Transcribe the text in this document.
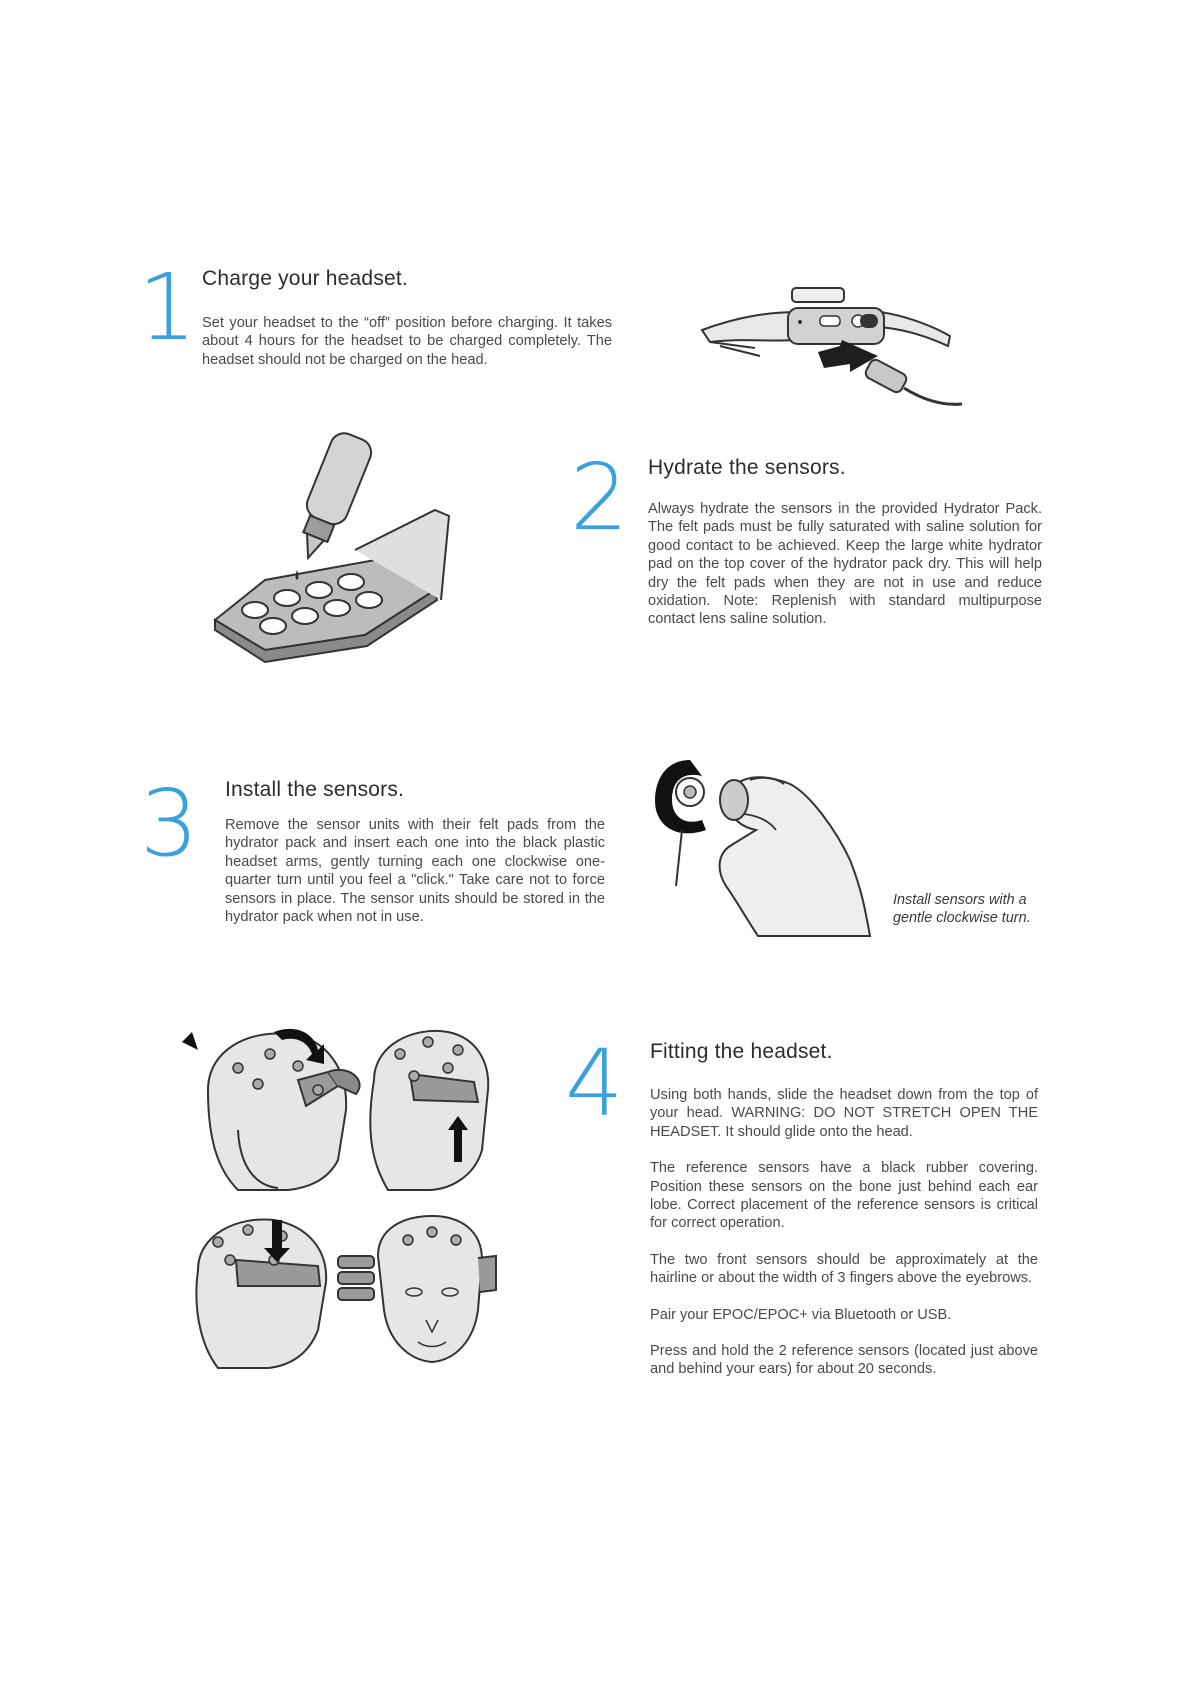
1 Charge your headset.
Set your headset to the “off” position before charging. It takes about 4 hours for the headset to be charged completely. The headset should not be charged on the head.
2 Hydrate the sensors.
Always hydrate the sensors in the provided Hydrator Pack. The felt pads must be fully saturated with saline solution for good contact to be achieved. Keep the large white hydrator pad on the top cover of the hydrator pack dry. This will help dry the felt pads when they are not in use and reduce oxidation. Note: Replenish with standard multipurpose contact lens saline solution.
3 Install the sensors.
Remove the sensor units with their felt pads from the hydrator pack and insert each one into the black plastic headset arms, gently turning each one clockwise one-quarter turn until you feel a "click." Take care not to force sensors in place. The sensor units should be stored in the hydrator pack when not in use.
Install sensors with a
gentle clockwise turn.
4 Fitting the headset.

Using both hands, slide the headset down from the top of your head. WARNING: DO NOT STRETCH OPEN THE HEADSET. It should glide onto the head.

The reference sensors have a black rubber covering. Position these sensors on the bone just behind each ear lobe. Correct placement of the reference sensors is critical for correct operation.

The two front sensors should be approximately at the hairline or about the width of 3 fingers above the eyebrows.

Pair your EPOC/EPOC+ via Bluetooth or USB.

Press and hold the 2 reference sensors (located just above and behind your ears) for about 20 seconds.
